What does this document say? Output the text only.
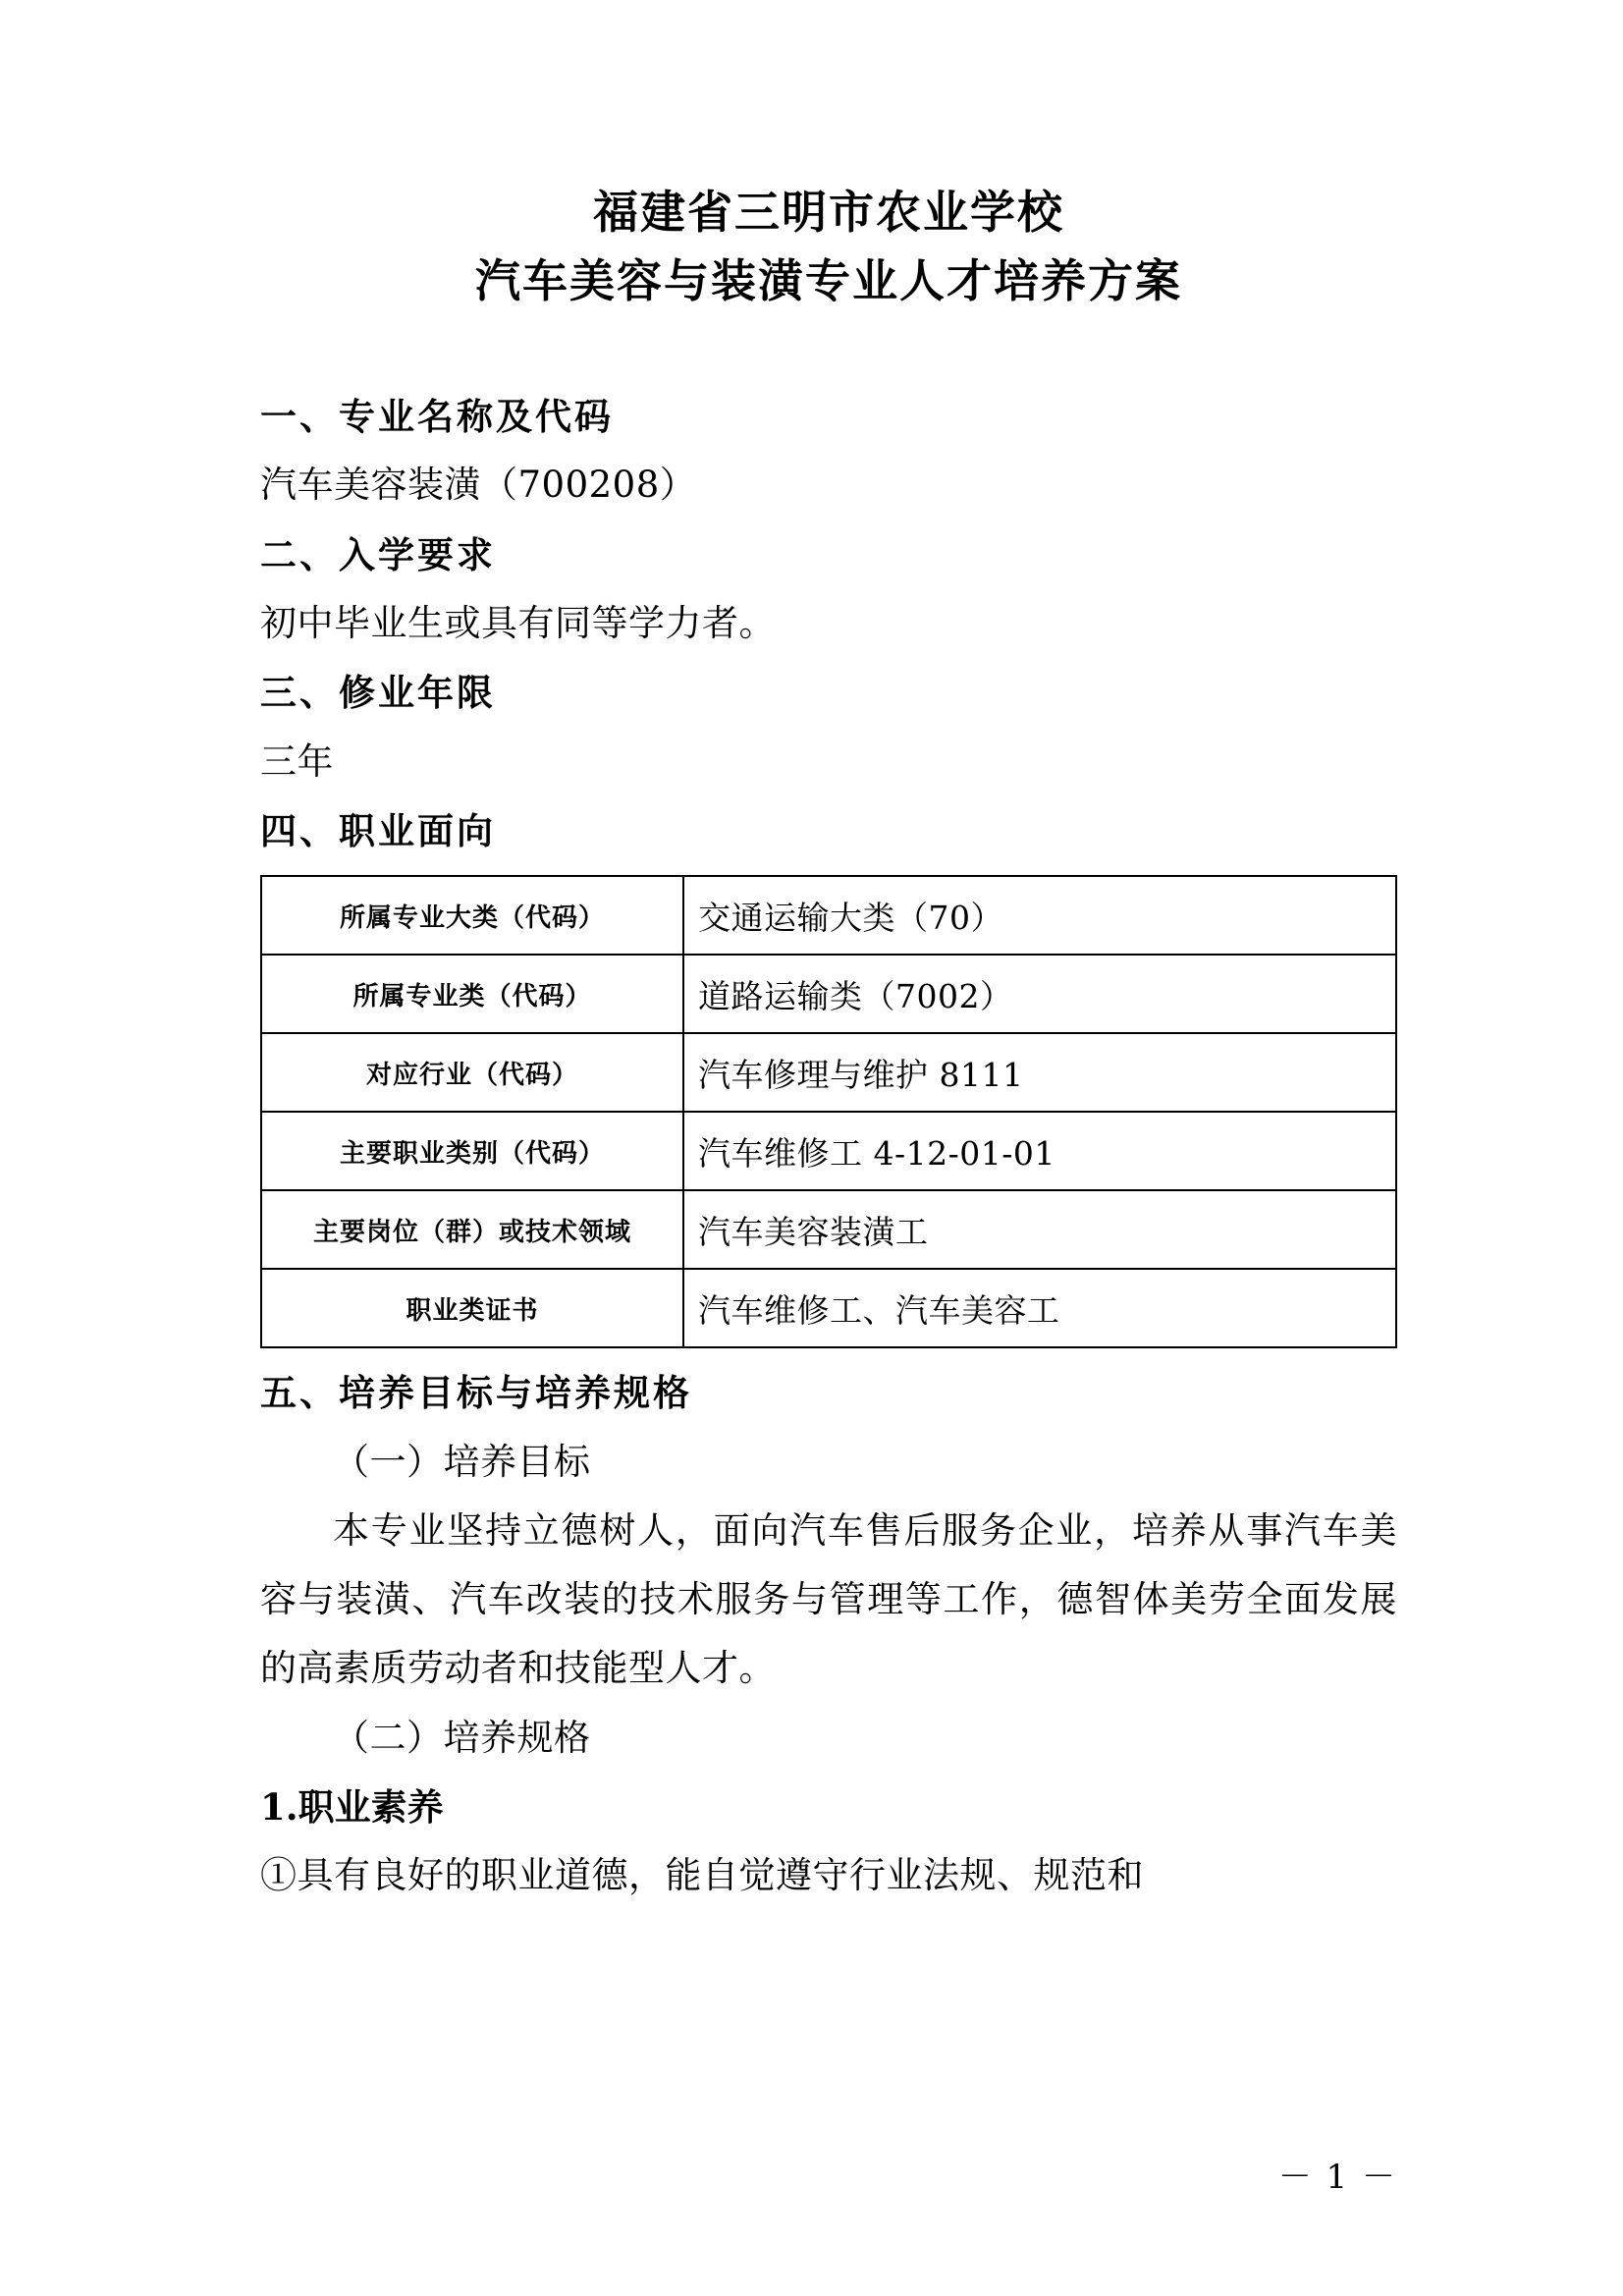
福建省三明市农业学校
汽车美容与装潢专业人才培养方案

一、专业名称及代码

汽车美容装潢（700208）

二、入学要求

初中毕业生或具有同等学力者。

三、修业年限

三年

四、职业面向

所属专业大类（代码）	交通运输大类（70）
所属专业类（代码）	道路运输类（7002）
对应行业（代码）	汽车修理与维护 8111
主要职业类别（代码）	汽车维修工 4-12-01-01
主要岗位（群）或技术领域	汽车美容装潢工
职业类证书	汽车维修工、汽车美容工

五、培养目标与培养规格

（一）培养目标

本专业坚持立德树人，面向汽车售后服务企业，培养从事汽车美容与装潢、汽车改装的技术服务与管理等工作，德智体美劳全面发展的高素质劳动者和技能型人才。

（二）培养规格

1.职业素养

①具有良好的职业道德，能自觉遵守行业法规、规范和

－ 1 －
